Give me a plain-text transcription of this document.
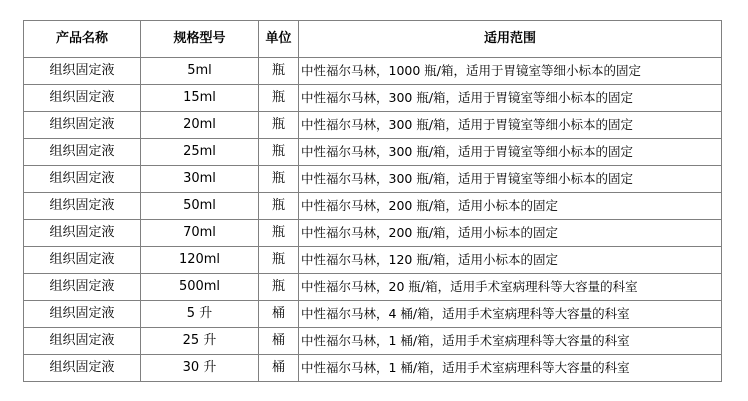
产品名称	规格型号	单位	适用范围
组织固定液	5ml	瓶	中性福尔马林，1000 瓶/箱，适用于胃镜室等细小标本的固定
组织固定液	15ml	瓶	中性福尔马林，300 瓶/箱，适用于胃镜室等细小标本的固定
组织固定液	20ml	瓶	中性福尔马林，300 瓶/箱，适用于胃镜室等细小标本的固定
组织固定液	25ml	瓶	中性福尔马林，300 瓶/箱，适用于胃镜室等细小标本的固定
组织固定液	30ml	瓶	中性福尔马林，300 瓶/箱，适用于胃镜室等细小标本的固定
组织固定液	50ml	瓶	中性福尔马林，200 瓶/箱，适用小标本的固定
组织固定液	70ml	瓶	中性福尔马林，200 瓶/箱，适用小标本的固定
组织固定液	120ml	瓶	中性福尔马林，120 瓶/箱，适用小标本的固定
组织固定液	500ml	瓶	中性福尔马林，20 瓶/箱，适用手术室病理科等大容量的科室
组织固定液	5 升	桶	中性福尔马林，4 桶/箱，适用手术室病理科等大容量的科室
组织固定液	25 升	桶	中性福尔马林，1 桶/箱，适用手术室病理科等大容量的科室
组织固定液	30 升	桶	中性福尔马林，1 桶/箱，适用手术室病理科等大容量的科室
